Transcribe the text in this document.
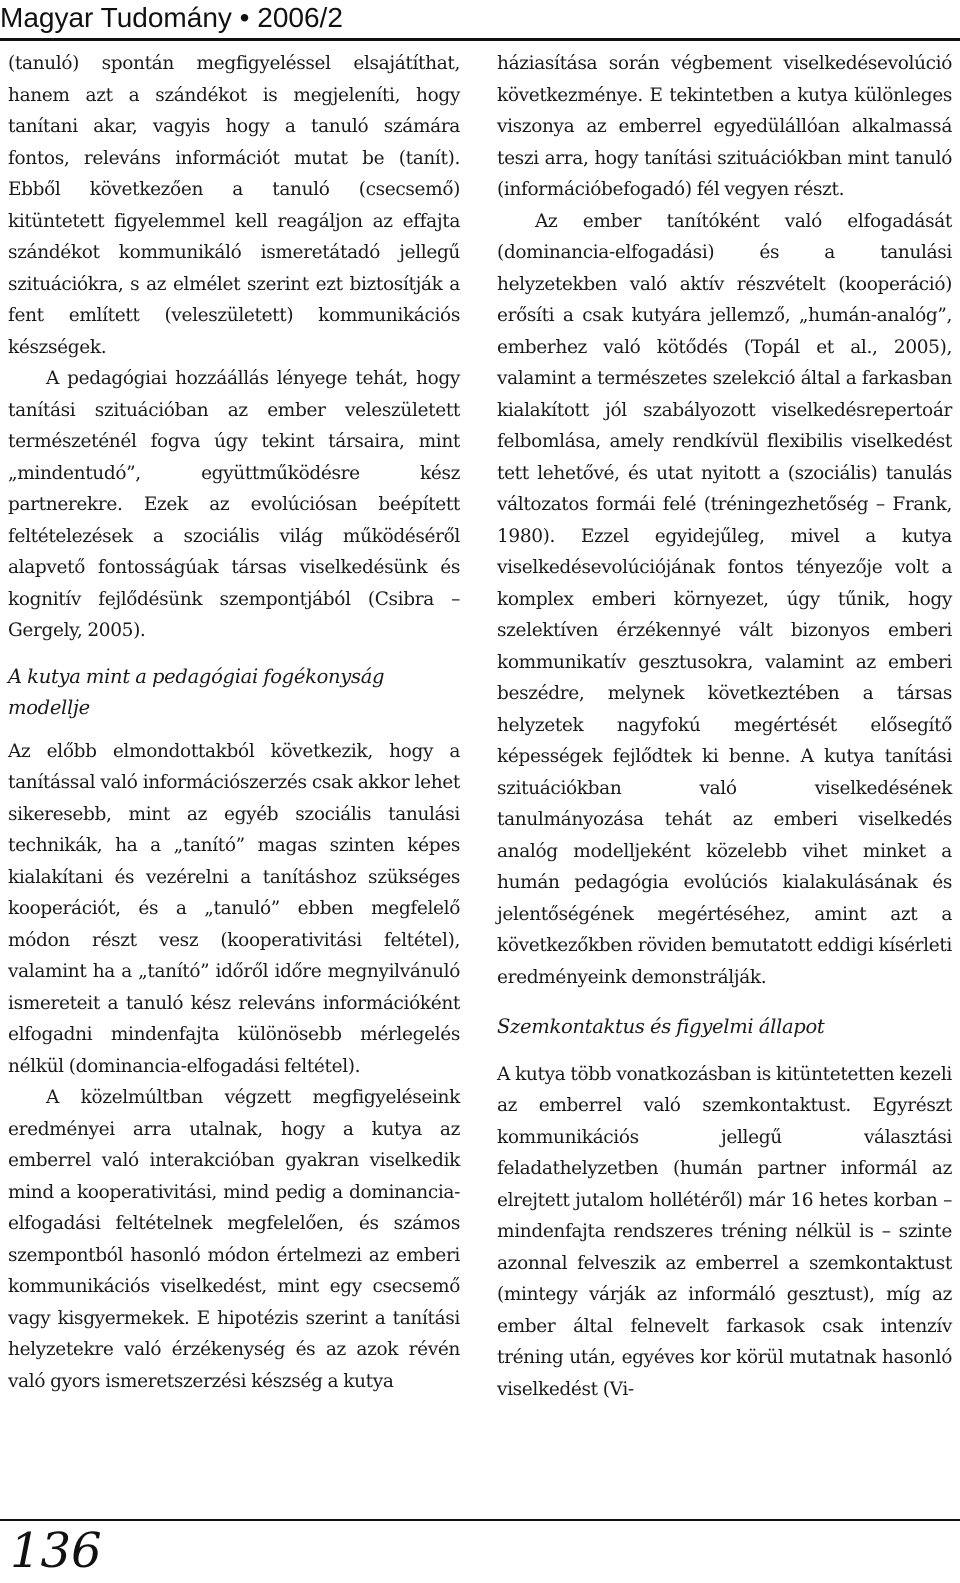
Magyar Tudomány • 2006/2

(tanuló) spontán megfigyeléssel elsajátíthat, hanem azt a szándékot is megjeleníti, hogy tanítani akar, vagyis hogy a tanuló számára fontos, releváns információt mutat be (tanít). Ebből következően a tanuló (csecsemő) kitüntetett figyelemmel kell reagáljon az effajta szándékot kommunikáló ismeretátadó jellegű szituációkra, s az elmélet szerint ezt biztosítják a fent említett (veleszületett) kommunikációs készségek.

A pedagógiai hozzáállás lényege tehát, hogy tanítási szituációban az ember veleszületett természeténél fogva úgy tekint társaira, mint „mindentudó”, együttműködésre kész partnerekre. Ezek az evolúciósan beépített feltételezések a szociális világ működéséről alapvető fontosságúak társas viselkedésünk és kognitív fejlődésünk szempontjából (Csibra – Gergely, 2005).

A kutya mint a pedagógiai fogékonyság modellje

Az előbb elmondottakból következik, hogy a tanítással való információszerzés csak akkor lehet sikeresebb, mint az egyéb szociális tanulási technikák, ha a „tanító” magas szinten képes kialakítani és vezérelni a tanításhoz szükséges kooperációt, és a „tanuló” ebben megfelelő módon részt vesz (kooperativitási feltétel), valamint ha a „tanító” időről időre megnyilvánuló ismereteit a tanuló kész releváns információként elfogadni mindenfajta különösebb mérlegelés nélkül (dominancia-elfogadási feltétel).

A közelmúltban végzett megfigyeléseink eredményei arra utalnak, hogy a kutya az emberrel való interakcióban gyakran viselkedik mind a kooperativitási, mind pedig a dominancia-elfogadási feltételnek megfelelően, és számos szempontból hasonló módon értelmezi az emberi kommunikációs viselkedést, mint egy csecsemő vagy kisgyermekek. E hipotézis szerint a tanítási helyzetekre való érzékenység és az azok révén való gyors ismeretszerzési készség a kutya

háziasítása során végbement viselkedésevolúció következménye. E tekintetben a kutya különleges viszonya az emberrel egyedülállóan alkalmassá teszi arra, hogy tanítási szituációkban mint tanuló (információbefogadó) fél vegyen részt.

Az ember tanítóként való elfogadását (dominancia-elfogadási) és a tanulási helyzetekben való aktív részvételt (kooperáció) erősíti a csak kutyára jellemző, „humán-analóg”, emberhez való kötődés (Topál et al., 2005), valamint a természetes szelekció által a farkasban kialakított jól szabályozott viselkedésrepertoár felbomlása, amely rendkívül flexibilis viselkedést tett lehetővé, és utat nyitott a (szociális) tanulás változatos formái felé (tréningezhetőség – Frank, 1980). Ezzel egyidejűleg, mivel a kutya viselkedésevolúciójának fontos tényezője volt a komplex emberi környezet, úgy tűnik, hogy szelektíven érzékennyé vált bizonyos emberi kommunikatív gesztusokra, valamint az emberi beszédre, melynek következtében a társas helyzetek nagyfokú megértését elősegítő képességek fejlődtek ki benne. A kutya tanítási szituációkban való viselkedésének tanulmányozása tehát az emberi viselkedés analóg modelljeként közelebb vihet minket a humán pedagógia evolúciós kialakulásának és jelentőségének megértéséhez, amint azt a következőkben röviden bemutatott eddigi kísérleti eredményeink demonstrálják.

Szemkontaktus és figyelmi állapot

A kutya több vonatkozásban is kitüntetetten kezeli az emberrel való szemkontaktust. Egyrészt kommunikációs jellegű választási feladathelyzetben (humán partner informál az elrejtett jutalom hollétéről) már 16 hetes korban – mindenfajta rendszeres tréning nélkül is – szinte azonnal felveszik az emberrel a szemkontaktust (mintegy várják az informáló gesztust), míg az ember által felnevelt farkasok csak intenzív tréning után, egyéves kor körül mutatnak hasonló viselkedést (Vi-

136
